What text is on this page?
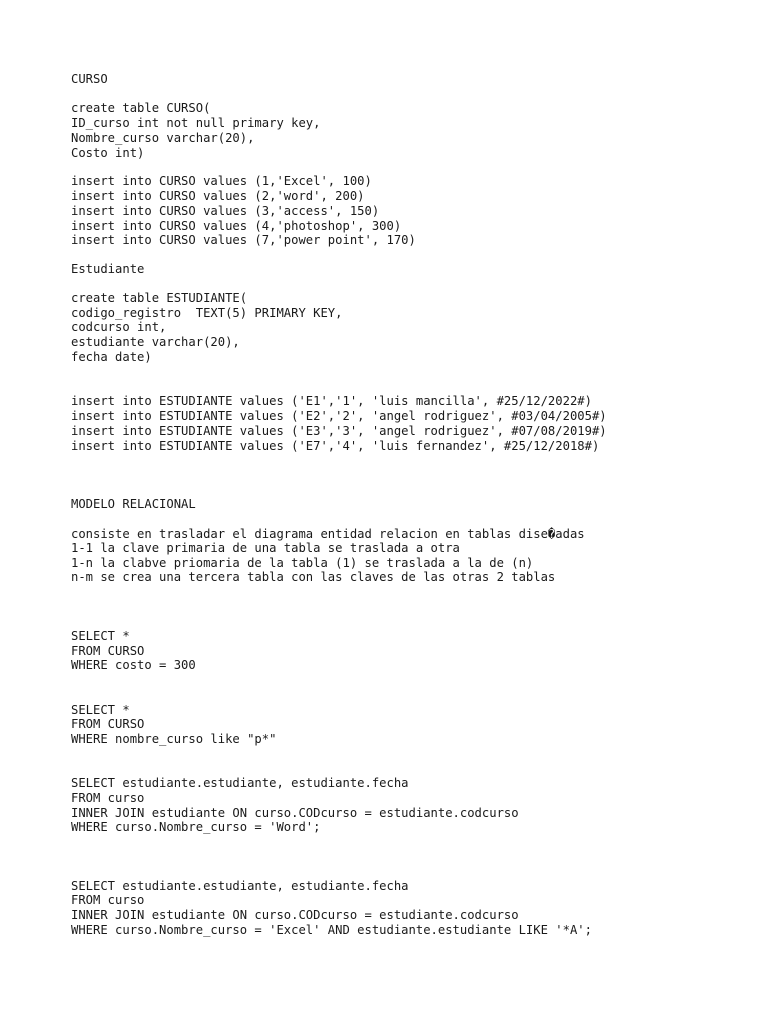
CURSO

create table CURSO(

ID_curso int not null primary key,

Nombre_curso varchar(20),

Costo int)

insert into CURSO values (1,'Excel', 100)

insert into CURSO values (2,'word', 200)

insert into CURSO values (3,'access', 150)

insert into CURSO values (4,'photoshop', 300)

insert into CURSO values (7,'power point', 170)

Estudiante

create table ESTUDIANTE(

codigo_registro  TEXT(5) PRIMARY KEY,

codcurso int,

estudiante varchar(20),

fecha date)

insert into ESTUDIANTE values ('E1','1', 'luis mancilla', #25/12/2022#)

insert into ESTUDIANTE values ('E2','2', 'angel rodriguez', #03/04/2005#)

insert into ESTUDIANTE values ('E3','3', 'angel rodriguez', #07/08/2019#)

insert into ESTUDIANTE values ('E7','4', 'luis fernandez', #25/12/2018#)

MODELO RELACIONAL

consiste en trasladar el diagrama entidad relacion en tablas dise�adas

1-1 la clave primaria de una tabla se traslada a otra

1-n la clabve priomaria de la tabla (1) se traslada a la de (n)

n-m se crea una tercera tabla con las claves de las otras 2 tablas

SELECT *

FROM CURSO

WHERE costo = 300

SELECT *

FROM CURSO

WHERE nombre_curso like "p*"

SELECT estudiante.estudiante, estudiante.fecha

FROM curso

INNER JOIN estudiante ON curso.CODcurso = estudiante.codcurso

WHERE curso.Nombre_curso = 'Word';

SELECT estudiante.estudiante, estudiante.fecha

FROM curso

INNER JOIN estudiante ON curso.CODcurso = estudiante.codcurso

WHERE curso.Nombre_curso = 'Excel' AND estudiante.estudiante LIKE '*A';
